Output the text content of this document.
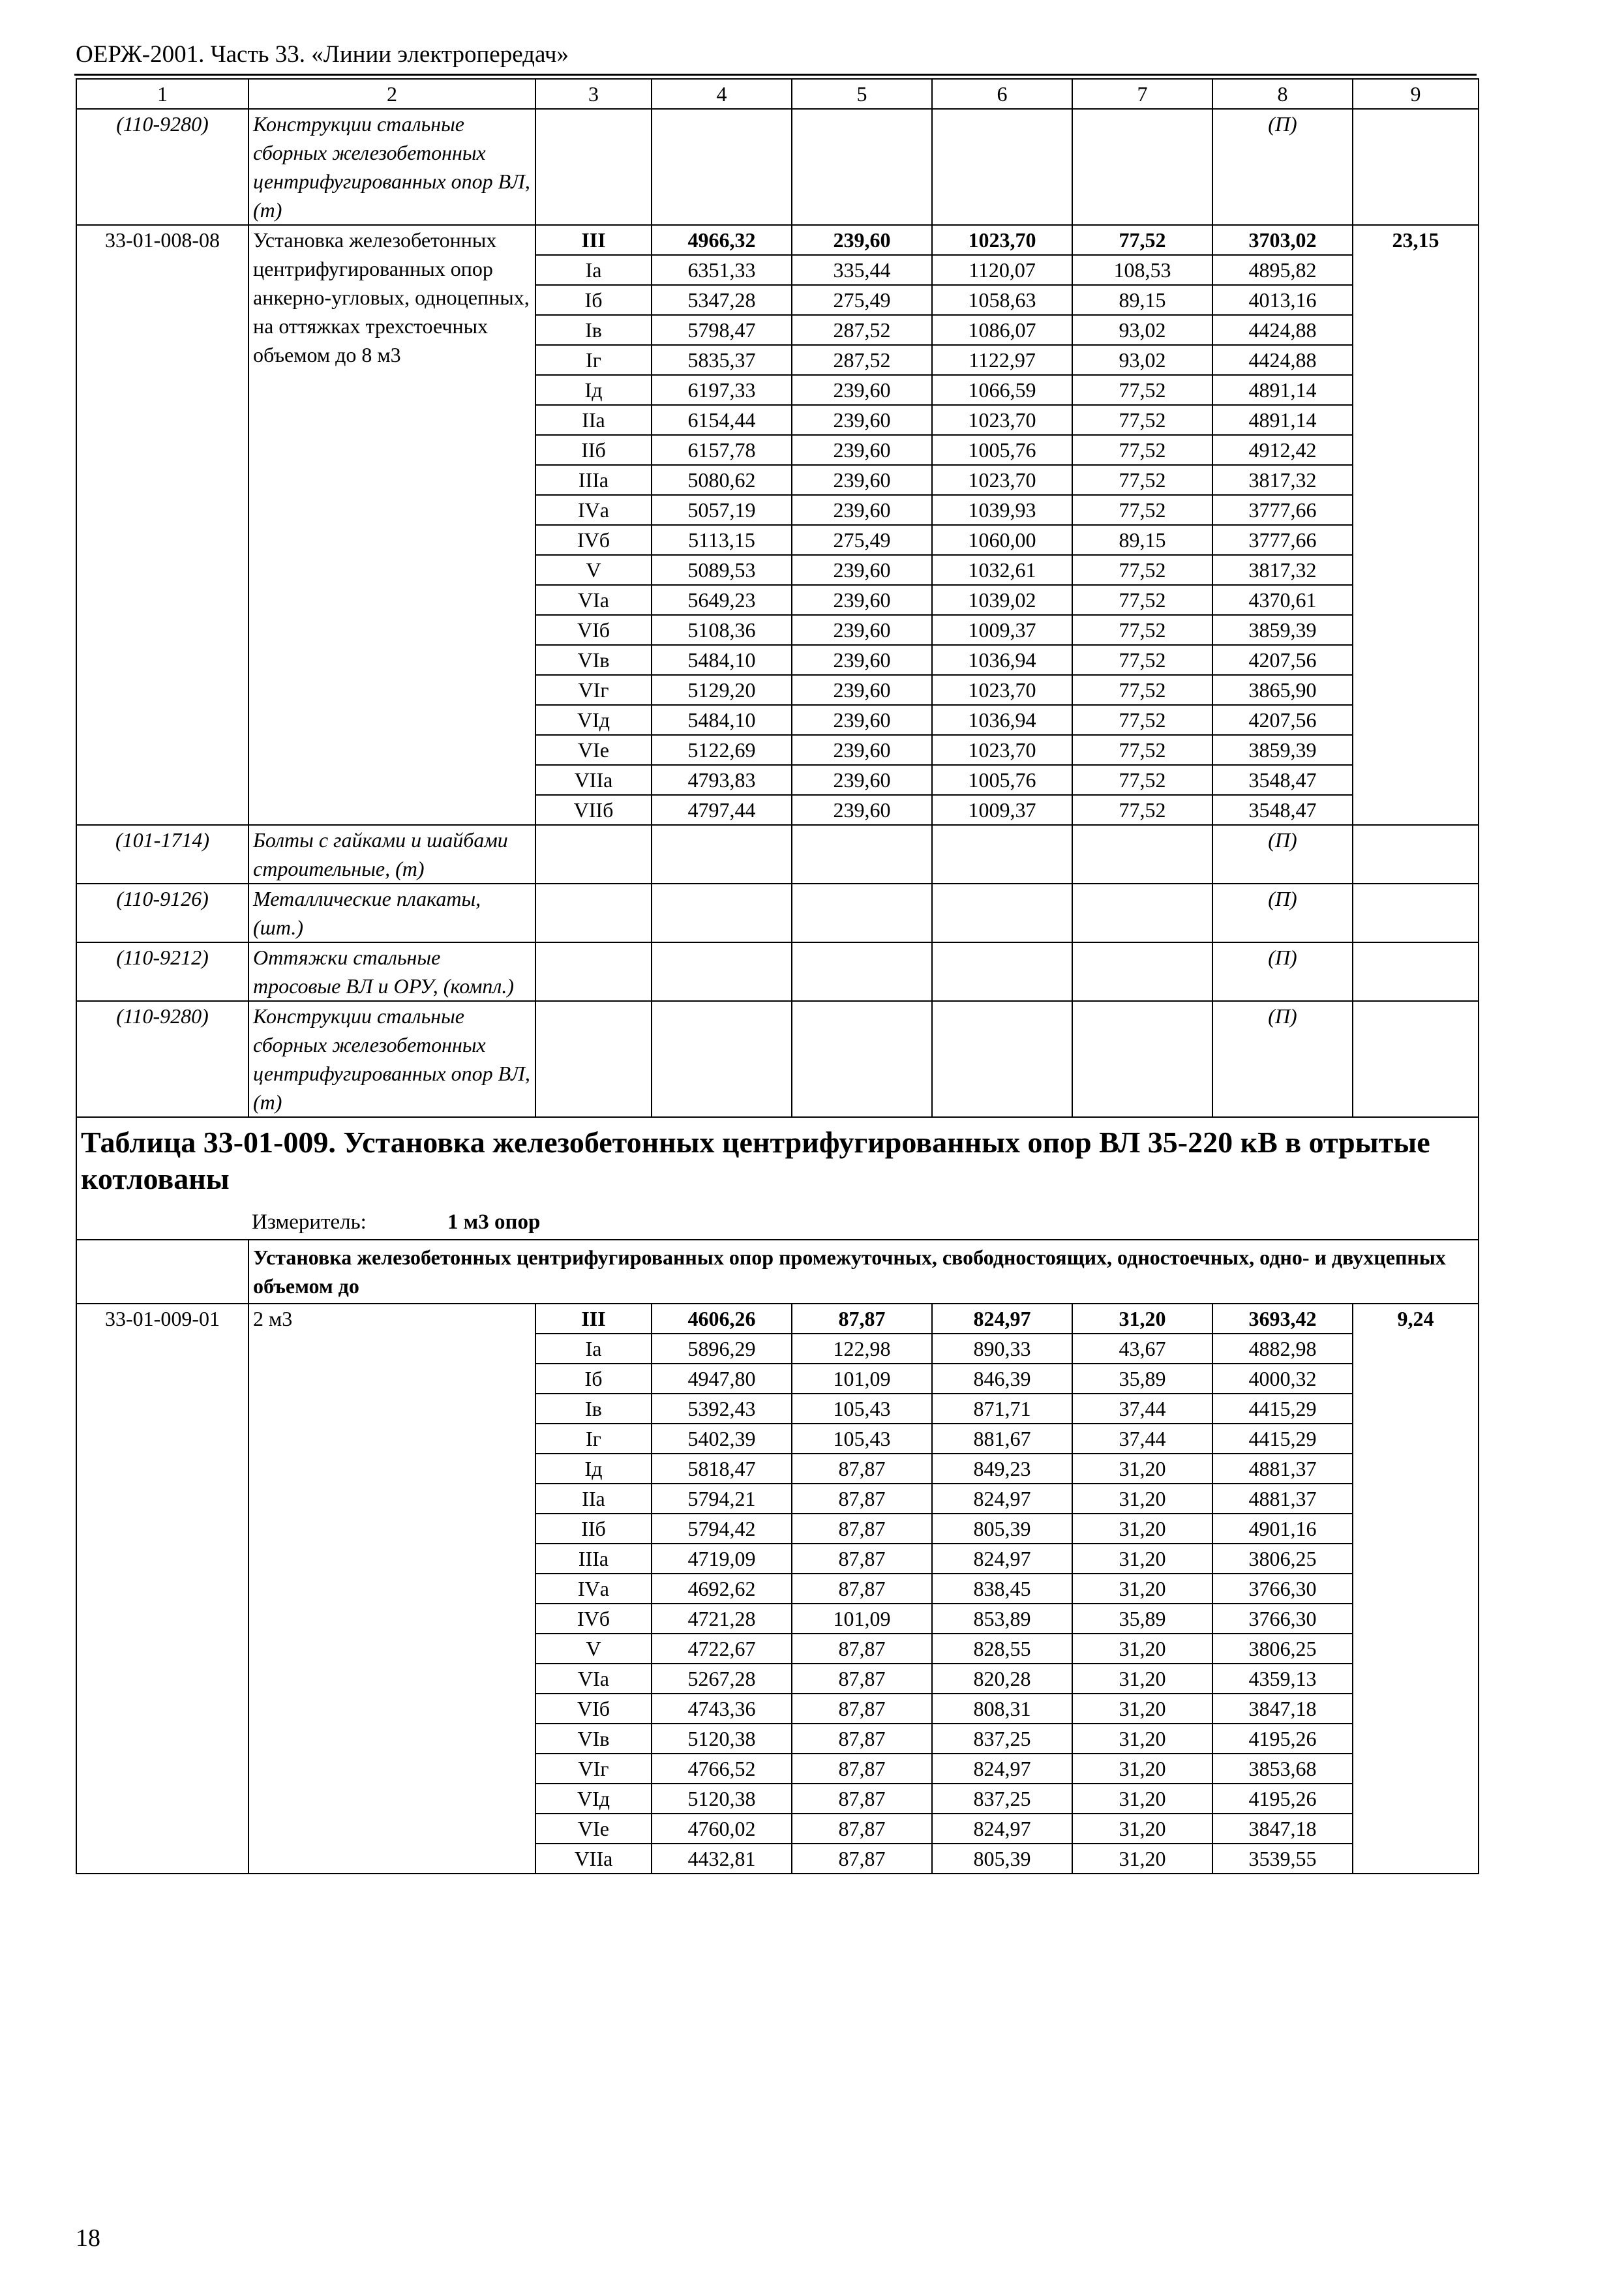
ОЕРЖ-2001. Часть 33. «Линии электропередач»
1	2	3	4	5	6	7	8	9
(110-9280)	Конструкции стальные сборных железобетонных центрифугированных опор ВЛ, (т)						(П)	
33-01-008-08	Установка железобетонных центрифугированных опор анкерно-угловых, одноцепных, на оттяжках трехстоечных объемом до 8 м3	III	4966,32	239,60	1023,70	77,52	3703,02	23,15
		Iа	6351,33	335,44	1120,07	108,53	4895,82	
		Iб	5347,28	275,49	1058,63	89,15	4013,16	
		Iв	5798,47	287,52	1086,07	93,02	4424,88	
		Iг	5835,37	287,52	1122,97	93,02	4424,88	
		Iд	6197,33	239,60	1066,59	77,52	4891,14	
		IIа	6154,44	239,60	1023,70	77,52	4891,14	
		IIб	6157,78	239,60	1005,76	77,52	4912,42	
		IIIа	5080,62	239,60	1023,70	77,52	3817,32	
		IVа	5057,19	239,60	1039,93	77,52	3777,66	
		IVб	5113,15	275,49	1060,00	89,15	3777,66	
		V	5089,53	239,60	1032,61	77,52	3817,32	
		VIа	5649,23	239,60	1039,02	77,52	4370,61	
		VIб	5108,36	239,60	1009,37	77,52	3859,39	
		VIв	5484,10	239,60	1036,94	77,52	4207,56	
		VIг	5129,20	239,60	1023,70	77,52	3865,90	
		VIд	5484,10	239,60	1036,94	77,52	4207,56	
		VIе	5122,69	239,60	1023,70	77,52	3859,39	
		VIIа	4793,83	239,60	1005,76	77,52	3548,47	
		VIIб	4797,44	239,60	1009,37	77,52	3548,47	
(101-1714)	Болты с гайками и шайбами строительные, (т)						(П)	
(110-9126)	Металлические плакаты, (шт.)						(П)	
(110-9212)	Оттяжки стальные тросовые ВЛ и ОРУ, (компл.)						(П)	
(110-9280)	Конструкции стальные сборных железобетонных центрифугированных опор ВЛ, (т)						(П)	

Таблица 33-01-009. Установка железобетонных центрифугированных опор ВЛ 35-220 кВ в отрытые котлованы
Измеритель: 1 м3 опор								

	Установка железобетонных центрифугированных опор промежуточных, свободностоящих, одностоечных, одно- и двухцепных объемом до							
33-01-009-01	2 м3	III	4606,26	87,87	824,97	31,20	3693,42	9,24
		Iа	5896,29	122,98	890,33	43,67	4882,98	
		Iб	4947,80	101,09	846,39	35,89	4000,32	
		Iв	5392,43	105,43	871,71	37,44	4415,29	
		Iг	5402,39	105,43	881,67	37,44	4415,29	
		Iд	5818,47	87,87	849,23	31,20	4881,37	
		IIа	5794,21	87,87	824,97	31,20	4881,37	
		IIб	5794,42	87,87	805,39	31,20	4901,16	
		IIIа	4719,09	87,87	824,97	31,20	3806,25	
		IVа	4692,62	87,87	838,45	31,20	3766,30	
		IVб	4721,28	101,09	853,89	35,89	3766,30	
		V	4722,67	87,87	828,55	31,20	3806,25	
		VIа	5267,28	87,87	820,28	31,20	4359,13	
		VIб	4743,36	87,87	808,31	31,20	3847,18	
		VIв	5120,38	87,87	837,25	31,20	4195,26	
		VIг	4766,52	87,87	824,97	31,20	3853,68	
		VIд	5120,38	87,87	837,25	31,20	4195,26	
		VIе	4760,02	87,87	824,97	31,20	3847,18	
		VIIа	4432,81	87,87	805,39	31,20	3539,55	
18
